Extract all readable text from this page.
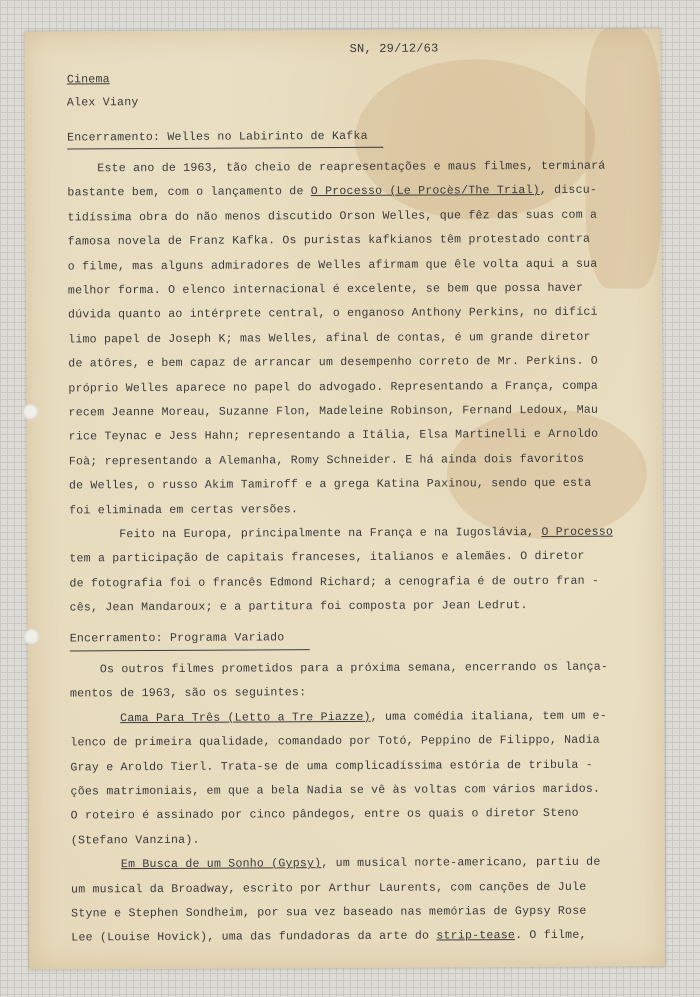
SN, 29/12/63
Cinema
Alex Viany
Encerramento: Welles no Labirinto de Kafka
Este ano de 1963, tão cheio de reapresentações e maus filmes, terminará
bastante bem, com o lançamento de O Processo (Le Procès/The Trial), discu-
tidíssima obra do não menos discutido Orson Welles, que fêz das suas com a
famosa novela de Franz Kafka. Os puristas kafkianos têm protestado contra
o filme, mas alguns admiradores de Welles afirmam que êle volta aqui a sua
melhor forma. O elenco internacional é excelente, se bem que possa haver
dúvida quanto ao intérprete central, o enganoso Anthony Perkins, no difíci
limo papel de Joseph K; mas Welles, afinal de contas, é um grande diretor
de atôres, e bem capaz de arrancar um desempenho correto de Mr. Perkins. O
próprio Welles aparece no papel do advogado. Representando a França, compa
recem Jeanne Moreau, Suzanne Flon, Madeleine Robinson, Fernand Ledoux, Mau
rice Teynac e Jess Hahn; representando a Itália, Elsa Martinelli e Arnoldo
Foà; representando a Alemanha, Romy Schneider. E há ainda dois favoritos
de Welles, o russo Akim Tamiroff e a grega Katina Paxinou, sendo que esta
foi eliminada em certas versões.
Feito na Europa, principalmente na França e na Iugoslávia, O Processo
tem a participação de capitais franceses, italianos e alemães. O diretor
de fotografia foi o francês Edmond Richard; a cenografia é de outro fran -
cês, Jean Mandaroux; e a partitura foi composta por Jean Ledrut.
Encerramento: Programa Variado
Os outros filmes prometidos para a próxima semana, encerrando os lança-
mentos de 1963, são os seguintes:
Cama Para Três (Letto a Tre Piazze), uma comédia italiana, tem um e-
lenco de primeira qualidade, comandado por Totó, Peppino de Filippo, Nadia
Gray e Aroldo Tierl. Trata-se de uma complicadíssima estória de tribula -
ções matrimoniais, em que a bela Nadia se vê às voltas com vários maridos.
O roteiro é assinado por cinco pândegos, entre os quais o diretor Steno
(Stefano Vanzina).
Em Busca de um Sonho (Gypsy), um musical norte-americano, partiu de
um musical da Broadway, escrito por Arthur Laurents, com canções de Jule
Styne e Stephen Sondheim, por sua vez baseado nas memórias de Gypsy Rose
Lee (Louise Hovick), uma das fundadoras da arte do strip-tease. O filme,
